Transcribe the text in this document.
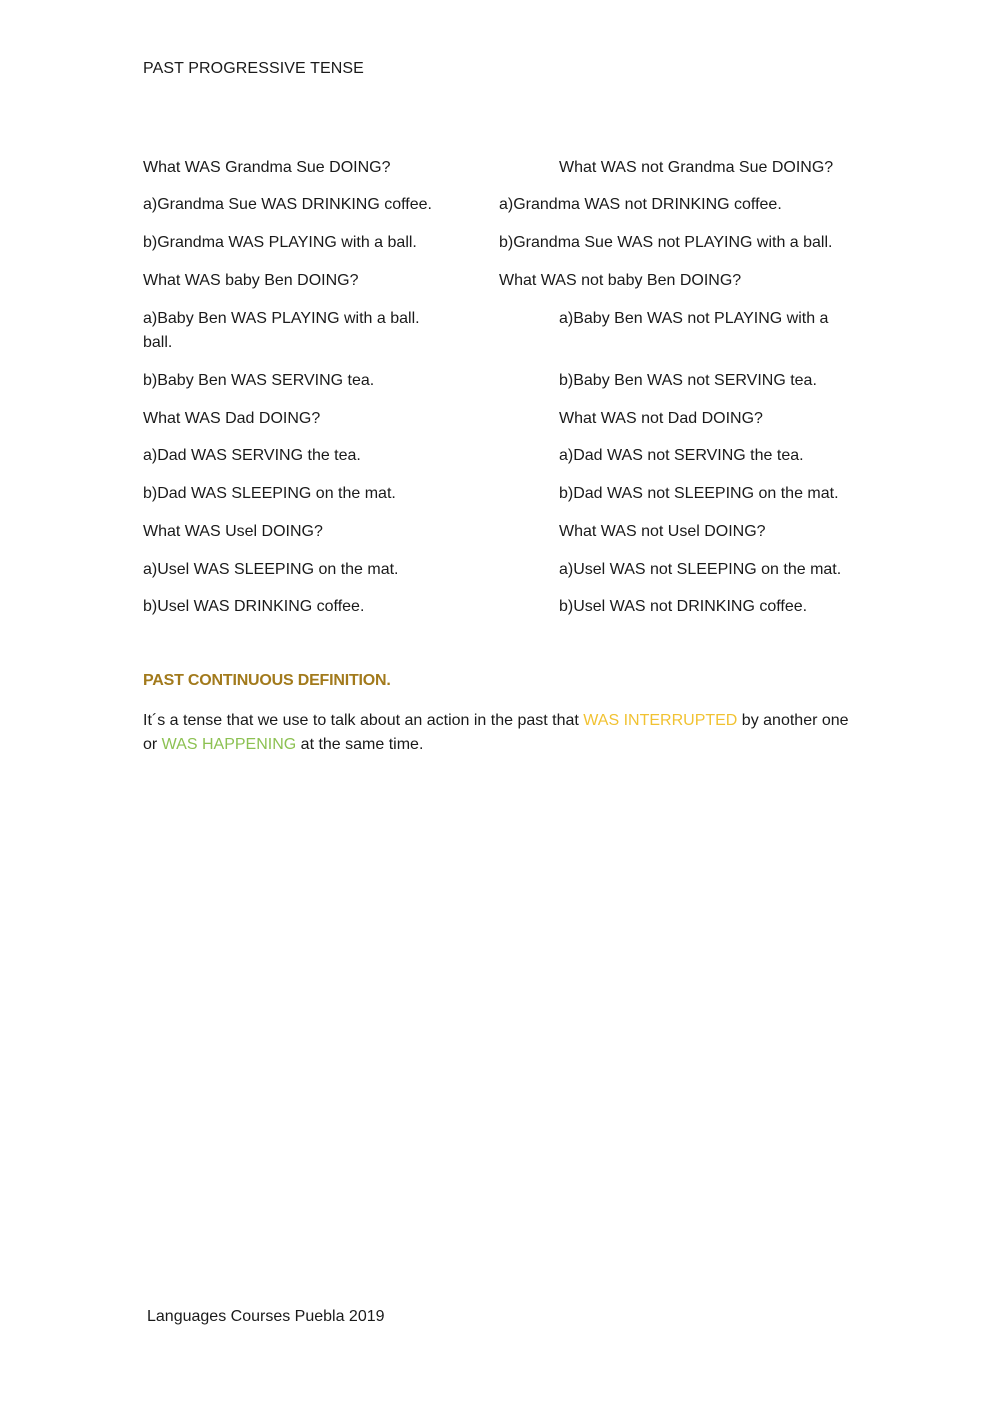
PAST PROGRESSIVE TENSE
What WAS Grandma Sue DOING?
a)Grandma Sue WAS DRINKING coffee.
b)Grandma WAS PLAYING with a ball.
What WAS baby Ben DOING?
a)Baby Ben WAS PLAYING with a ball. ball.
b)Baby Ben WAS SERVING tea.
What WAS Dad DOING?
a)Dad WAS SERVING the tea.
b)Dad WAS SLEEPING on the mat.
What WAS Usel DOING?
a)Usel WAS SLEEPING on the mat.
b)Usel WAS DRINKING coffee.
What WAS not Grandma Sue DOING?
a)Grandma WAS not DRINKING coffee.
b)Grandma Sue WAS not PLAYING with a ball.
What WAS not baby Ben DOING?
a)Baby Ben WAS not PLAYING with a
b)Baby Ben WAS not SERVING tea.
What WAS not Dad DOING?
a)Dad WAS not SERVING the tea.
b)Dad WAS not SLEEPING on the mat.
What WAS not Usel DOING?
a)Usel WAS not SLEEPING on the mat.
b)Usel WAS not DRINKING coffee.
PAST CONTINUOUS DEFINITION.
It´s a tense that we use to talk about an action in the past that WAS INTERRUPTED by another one or WAS HAPPENING at the same time.
Languages Courses Puebla 2019
